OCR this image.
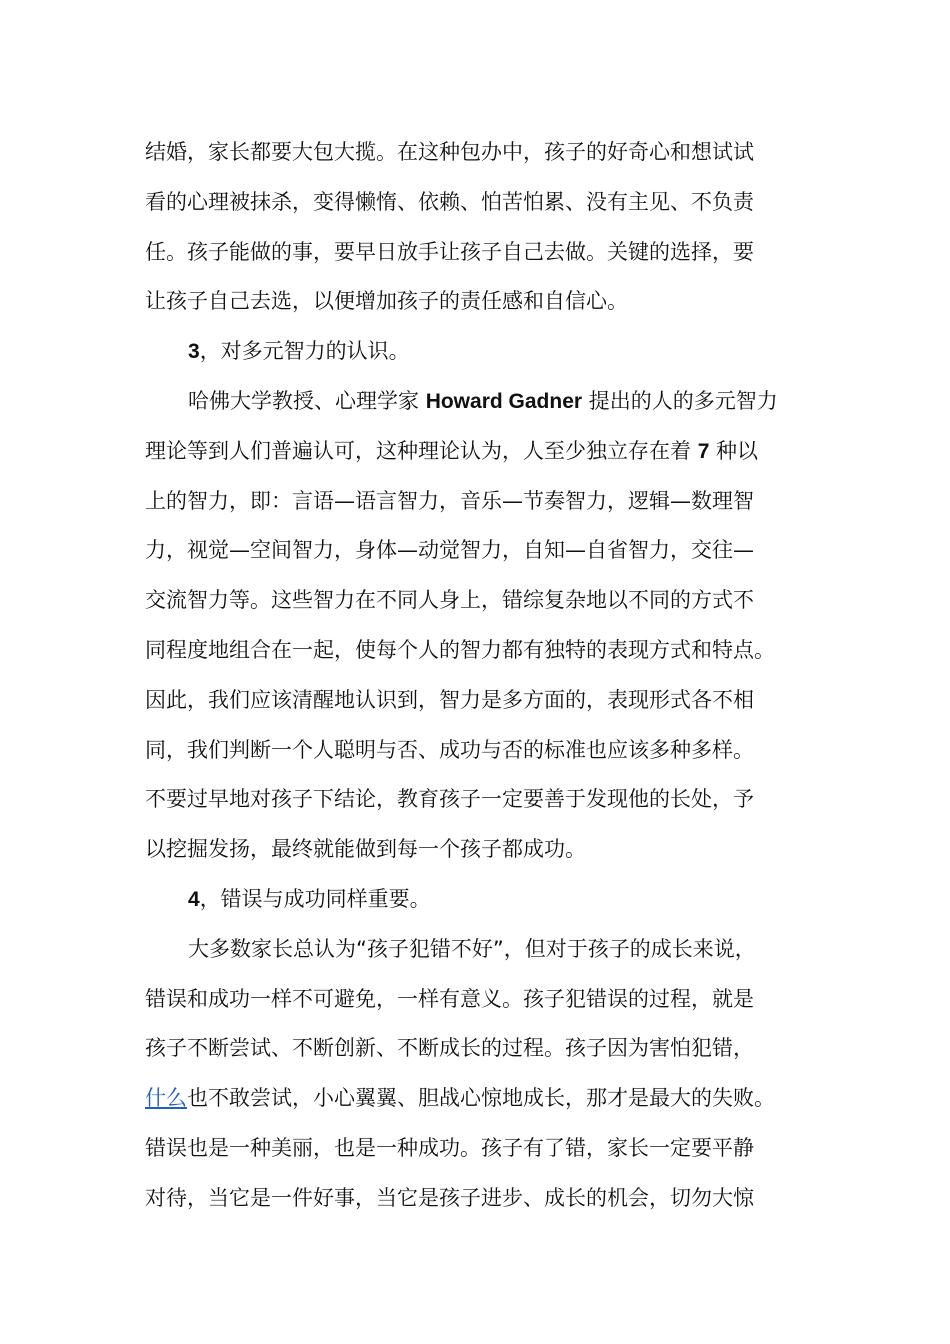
结婚，家长都要大包大揽。在这种包办中，孩子的好奇心和想试试
看的心理被抹杀，变得懒惰、依赖、怕苦怕累、没有主见、不负责
任。孩子能做的事，要早日放手让孩子自己去做。关键的选择，要
让孩子自己去选，以便增加孩子的责任感和自信心。
3，对多元智力的认识。
哈佛大学教授、心理学家 Howard Gadner 提出的人的多元智力
理论等到人们普遍认可，这种理论认为，人至少独立存在着 7 种以
上的智力，即：言语—语言智力，音乐—节奏智力，逻辑—数理智
力，视觉—空间智力，身体—动觉智力，自知—自省智力，交往—
交流智力等。这些智力在不同人身上，错综复杂地以不同的方式不
同程度地组合在一起，使每个人的智力都有独特的表现方式和特点。
因此，我们应该清醒地认识到，智力是多方面的，表现形式各不相
同，我们判断一个人聪明与否、成功与否的标准也应该多种多样。
不要过早地对孩子下结论，教育孩子一定要善于发现他的长处，予
以挖掘发扬，最终就能做到每一个孩子都成功。
4，错误与成功同样重要。
大多数家长总认为“孩子犯错不好”，但对于孩子的成长来说，
错误和成功一样不可避免，一样有意义。孩子犯错误的过程，就是
孩子不断尝试、不断创新、不断成长的过程。孩子因为害怕犯错，
什么也不敢尝试，小心翼翼、胆战心惊地成长，那才是最大的失败。
错误也是一种美丽，也是一种成功。孩子有了错，家长一定要平静
对待，当它是一件好事，当它是孩子进步、成长的机会，切勿大惊
